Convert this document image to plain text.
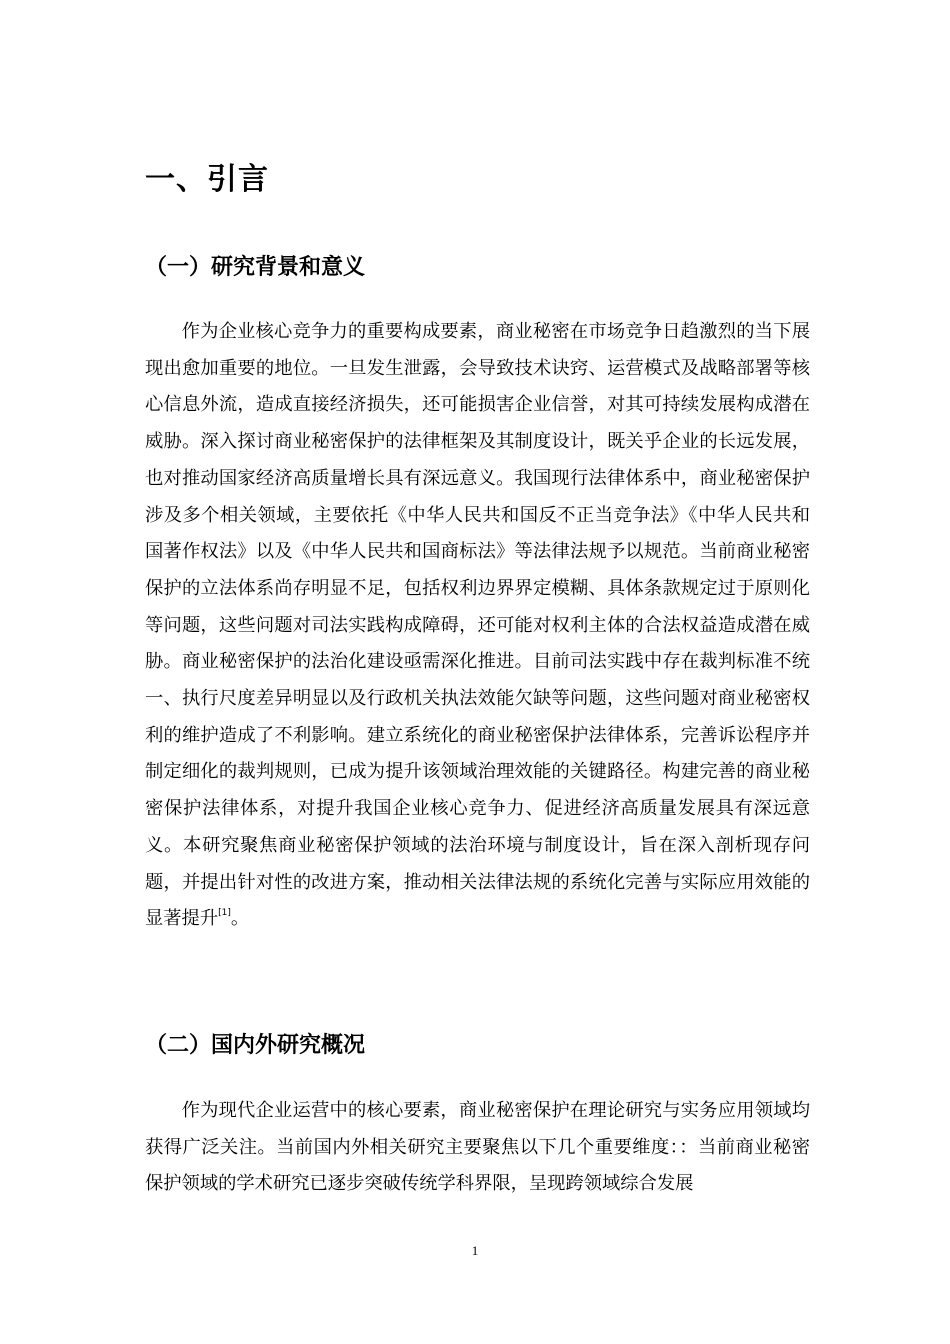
一、引言
（一）研究背景和意义

作为企业核心竞争力的重要构成要素，商业秘密在市场竞争日趋激烈的当下展现出愈加重要的地位。一旦发生泄露，会导致技术诀窍、运营模式及战略部署等核心信息外流，造成直接经济损失，还可能损害企业信誉，对其可持续发展构成潜在威胁。深入探讨商业秘密保护的法律框架及其制度设计，既关乎企业的长远发展，也对推动国家经济高质量增长具有深远意义。我国现行法律体系中，商业秘密保护涉及多个相关领域，主要依托《中华人民共和国反不正当竞争法》《中华人民共和国著作权法》以及《中华人民共和国商标法》等法律法规予以规范。当前商业秘密保护的立法体系尚存明显不足，包括权利边界界定模糊、具体条款规定过于原则化等问题，这些问题对司法实践构成障碍，还可能对权利主体的合法权益造成潜在威胁。商业秘密保护的法治化建设亟需深化推进。目前司法实践中存在裁判标准不统一、执行尺度差异明显以及行政机关执法效能欠缺等问题，这些问题对商业秘密权利的维护造成了不利影响。建立系统化的商业秘密保护法律体系，完善诉讼程序并制定细化的裁判规则，已成为提升该领域治理效能的关键路径。构建完善的商业秘密保护法律体系，对提升我国企业核心竞争力、促进经济高质量发展具有深远意义。本研究聚焦商业秘密保护领域的法治环境与制度设计，旨在深入剖析现存问题，并提出针对性的改进方案，推动相关法律法规的系统化完善与实际应用效能的显著提升[1]。

（二）国内外研究概况

作为现代企业运营中的核心要素，商业秘密保护在理论研究与实务应用领域均获得广泛关注。当前国内外相关研究主要聚焦以下几个重要维度：：当前商业秘密保护领域的学术研究已逐步突破传统学科界限，呈现跨领域综合发展

1
